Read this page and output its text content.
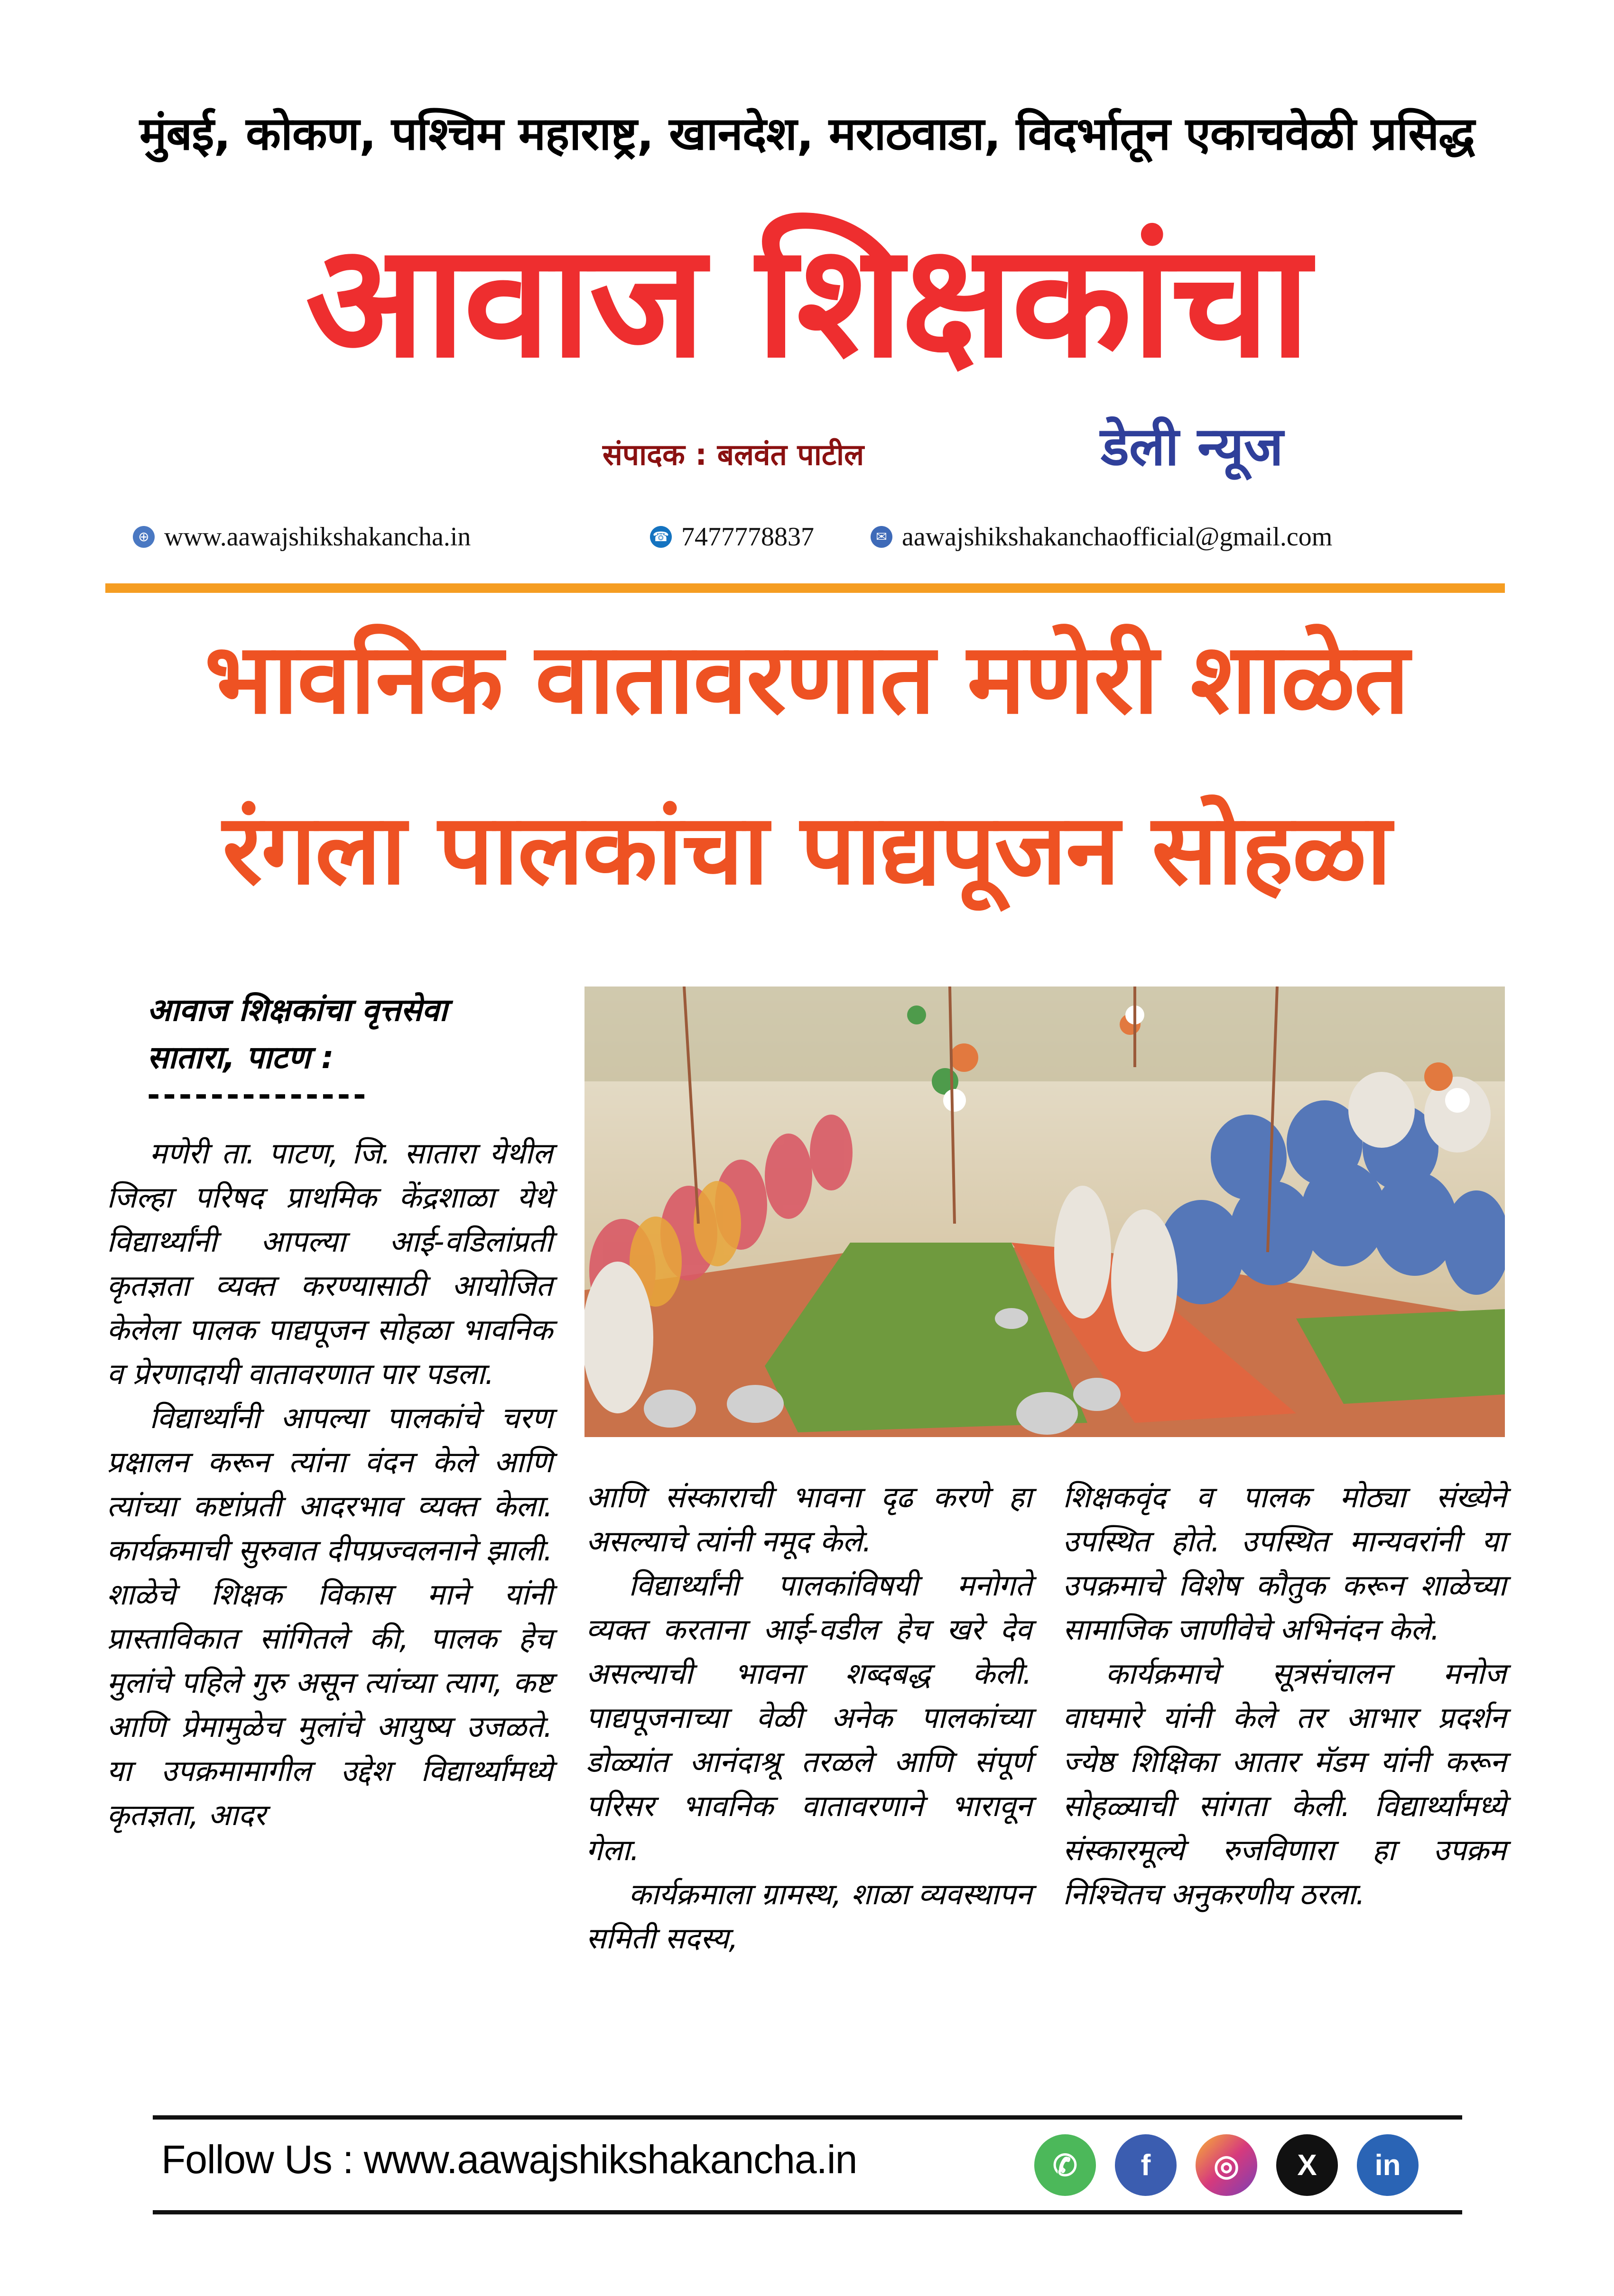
मुंबई, कोकण, पश्चिम महाराष्ट्र, खानदेश, मराठवाडा, विदर्भातून एकाचवेळी प्रसिद्ध
आवाज शिक्षकांचा
संपादक : बलवंत पाटील	डेली न्यूज
⊕ www.aawajshikshakancha.in	☎ 7477778837	✉ aawajshikshakanchaofficial@gmail.com
भावनिक वातावरणात मणेरी शाळेत
रंगला पालकांचा पाद्यपूजन सोहळा
आवाज शिक्षकांचा वृत्तसेवा
सातारा, पाटण :
--------------

मणेरी ता. पाटण, जि. सातारा येथील जिल्हा परिषद प्राथमिक केंद्रशाळा येथे विद्यार्थ्यांनी आपल्या आई-वडिलांप्रती कृतज्ञता व्यक्त करण्यासाठी आयोजित केलेला पालक पाद्यपूजन सोहळा भावनिक व प्रेरणादायी वातावरणात पार पडला.

विद्यार्थ्यांनी आपल्या पालकांचे चरण प्रक्षालन करून त्यांना वंदन केले आणि त्यांच्या कष्टांप्रती आदरभाव व्यक्त केला. कार्यक्रमाची सुरुवात दीपप्रज्वलनाने झाली. शाळेचे शिक्षक विकास माने यांनी प्रास्ताविकात सांगितले की, पालक हेच मुलांचे पहिले गुरु असून त्यांच्या त्याग, कष्ट आणि प्रेमामुळेच मुलांचे आयुष्य उजळते. या उपक्रमामागील उद्देश विद्यार्थ्यांमध्ये कृतज्ञता, आदर

आणि संस्काराची भावना दृढ करणे हा असल्याचे त्यांनी नमूद केले.

विद्यार्थ्यांनी पालकांविषयी मनोगते व्यक्त करताना आई-वडील हेच खरे देव असल्याची भावना शब्दबद्ध केली. पाद्यपूजनाच्या वेळी अनेक पालकांच्या डोळ्यांत आनंदाश्रू तरळले आणि संपूर्ण परिसर भावनिक वातावरणाने भारावून गेला.

कार्यक्रमाला ग्रामस्थ, शाळा व्यवस्थापन समिती सदस्य,

शिक्षकवृंद व पालक मोठ्या संख्येने उपस्थित होते. उपस्थित मान्यवरांनी या उपक्रमाचे विशेष कौतुक करून शाळेच्या सामाजिक जाणीवेचे अभिनंदन केले.

कार्यक्रमाचे सूत्रसंचालन मनोज वाघमारे यांनी केले तर आभार प्रदर्शन ज्येष्ठ शिक्षिका आतार मॅडम यांनी करून सोहळ्याची सांगता केली. विद्यार्थ्यांमध्ये संस्कारमूल्ये रुजविणारा हा उपक्रम निश्चितच अनुकरणीय ठरला.

Follow Us : www.aawajshikshakancha.in	✆ f ◎ X in
